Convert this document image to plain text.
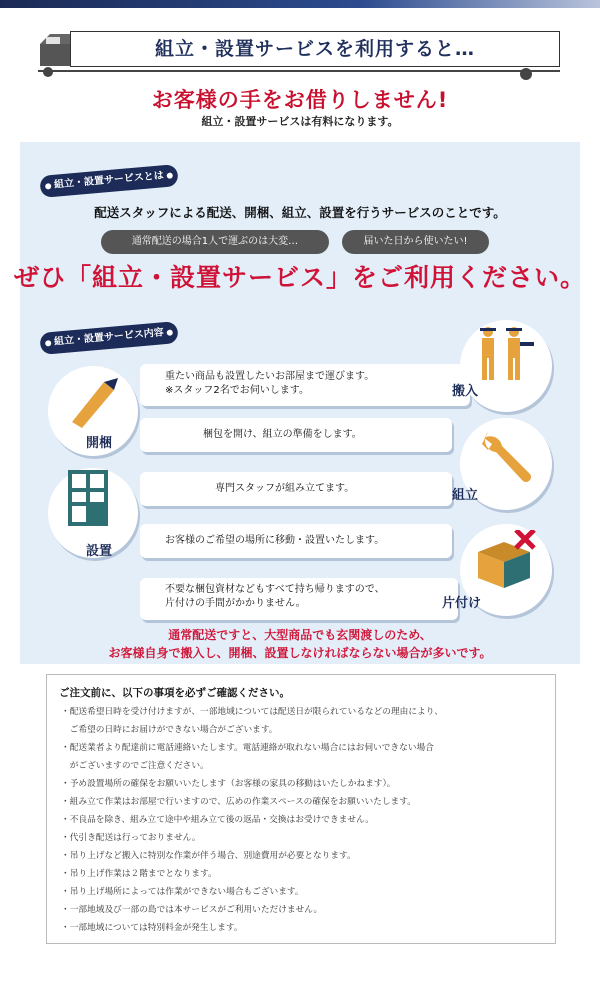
組立・設置サービスを利用すると…
お客様の手をお借りしません!
組立・設置サービスは有料になります。
組立・設置サービスとは
配送スタッフによる配送、開梱、組立、設置を行うサービスのことです。
通常配送の場合1人で運ぶのは大変…	届いた日から使いたい!
ぜひ「組立・設置サービス」をご利用ください。
組立・設置サービス内容
重たい商品も設置したいお部屋まで運びます。
※スタッフ2名でお伺いします。	搬入
開梱
梱包を開け、組立の準備をします。
専門スタッフが組み立てます。	組立
設置
お客様のご希望の場所に移動・設置いたします。
不要な梱包資材などもすべて持ち帰りますので、
片付けの手間がかかりません。	片付け
通常配送ですと、大型商品でも玄関渡しのため、
お客様自身で搬入し、開梱、設置しなければならない場合が多いです。
ご注文前に、以下の事項を必ずご確認ください。
・配送希望日時を受け付けますが、一部地域については配送日が限られているなどの理由により、
　ご希望の日時にお届けができない場合がございます。
・配送業者より配達前に電話連絡いたします。電話連絡が取れない場合にはお伺いできない場合
　がございますのでご注意ください。
・予め設置場所の確保をお願いいたします（お客様の家具の移動はいたしかねます）。
・組み立て作業はお部屋で行いますので、広めの作業スペースの確保をお願いいたします。
・不良品を除き、組み立て途中や組み立て後の返品・交換はお受けできません。
・代引き配送は行っておりません。
・吊り上げなど搬入に特別な作業が伴う場合、別途費用が必要となります。
・吊り上げ作業は２階までとなります。
・吊り上げ場所によっては作業ができない場合もございます。
・一部地域及び一部の島では本サービスがご利用いただけません。
・一部地域については特別料金が発生します。
